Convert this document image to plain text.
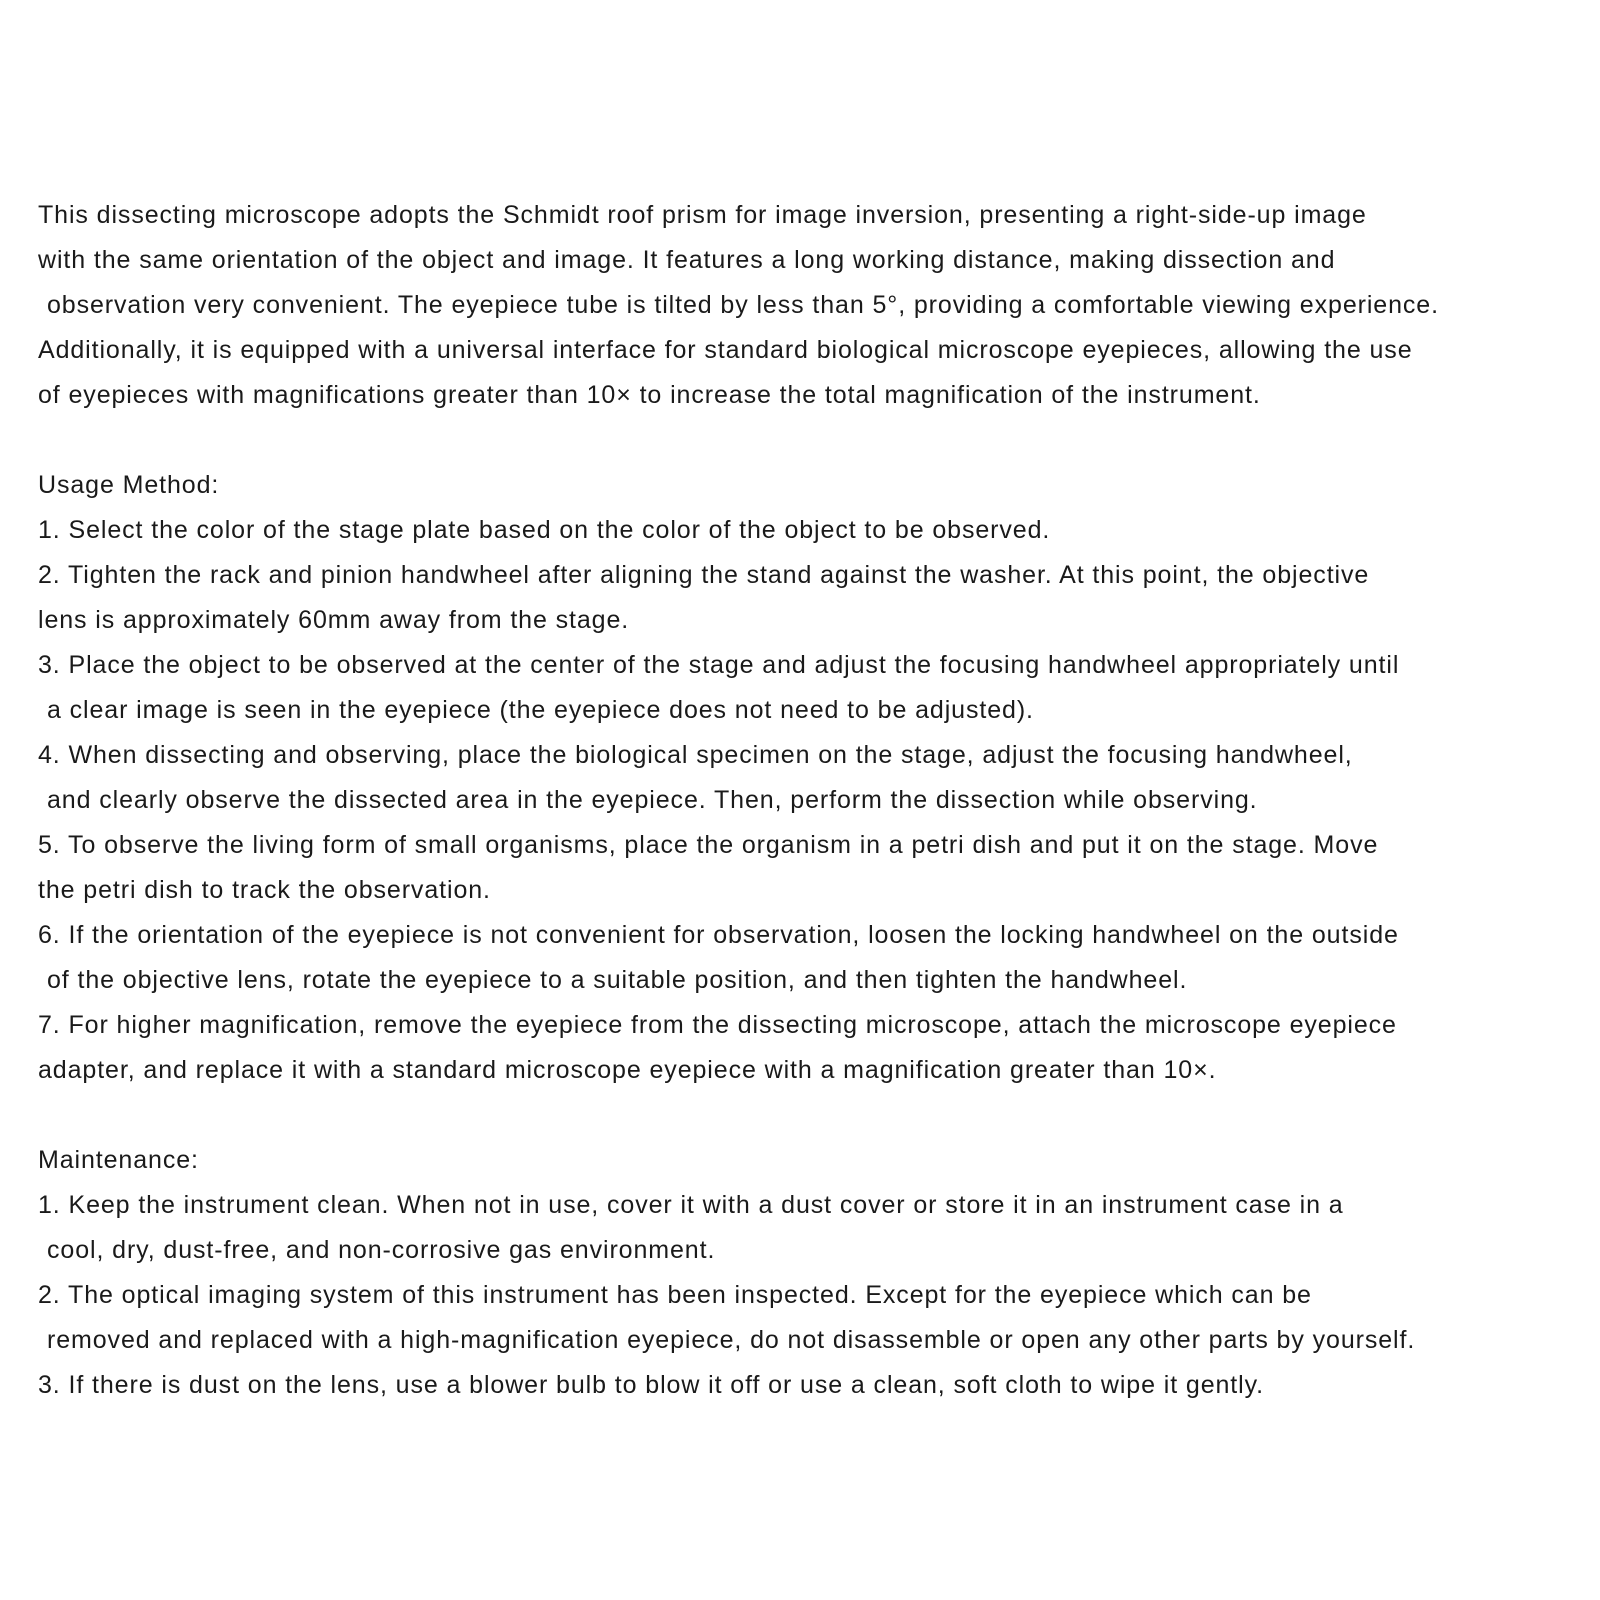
This dissecting microscope adopts the Schmidt roof prism for image inversion, presenting a right-side-up image
with the same orientation of the object and image. It features a long working distance, making dissection and
observation very convenient. The eyepiece tube is tilted by less than 5°, providing a comfortable viewing experience.
Additionally, it is equipped with a universal interface for standard biological microscope eyepieces, allowing the use
of eyepieces with magnifications greater than 10× to increase the total magnification of the instrument.
Usage Method:
1. Select the color of the stage plate based on the color of the object to be observed.
2. Tighten the rack and pinion handwheel after aligning the stand against the washer. At this point, the objective
lens is approximately 60mm away from the stage.
3. Place the object to be observed at the center of the stage and adjust the focusing handwheel appropriately until
a clear image is seen in the eyepiece (the eyepiece does not need to be adjusted).
4. When dissecting and observing, place the biological specimen on the stage, adjust the focusing handwheel,
and clearly observe the dissected area in the eyepiece. Then, perform the dissection while observing.
5. To observe the living form of small organisms, place the organism in a petri dish and put it on the stage. Move
the petri dish to track the observation.
6. If the orientation of the eyepiece is not convenient for observation, loosen the locking handwheel on the outside
of the objective lens, rotate the eyepiece to a suitable position, and then tighten the handwheel.
7. For higher magnification, remove the eyepiece from the dissecting microscope, attach the microscope eyepiece
adapter, and replace it with a standard microscope eyepiece with a magnification greater than 10×.
Maintenance:
1. Keep the instrument clean. When not in use, cover it with a dust cover or store it in an instrument case in a
cool, dry, dust-free, and non-corrosive gas environment.
2. The optical imaging system of this instrument has been inspected. Except for the eyepiece which can be
removed and replaced with a high-magnification eyepiece, do not disassemble or open any other parts by yourself.
3. If there is dust on the lens, use a blower bulb to blow it off or use a clean, soft cloth to wipe it gently.
